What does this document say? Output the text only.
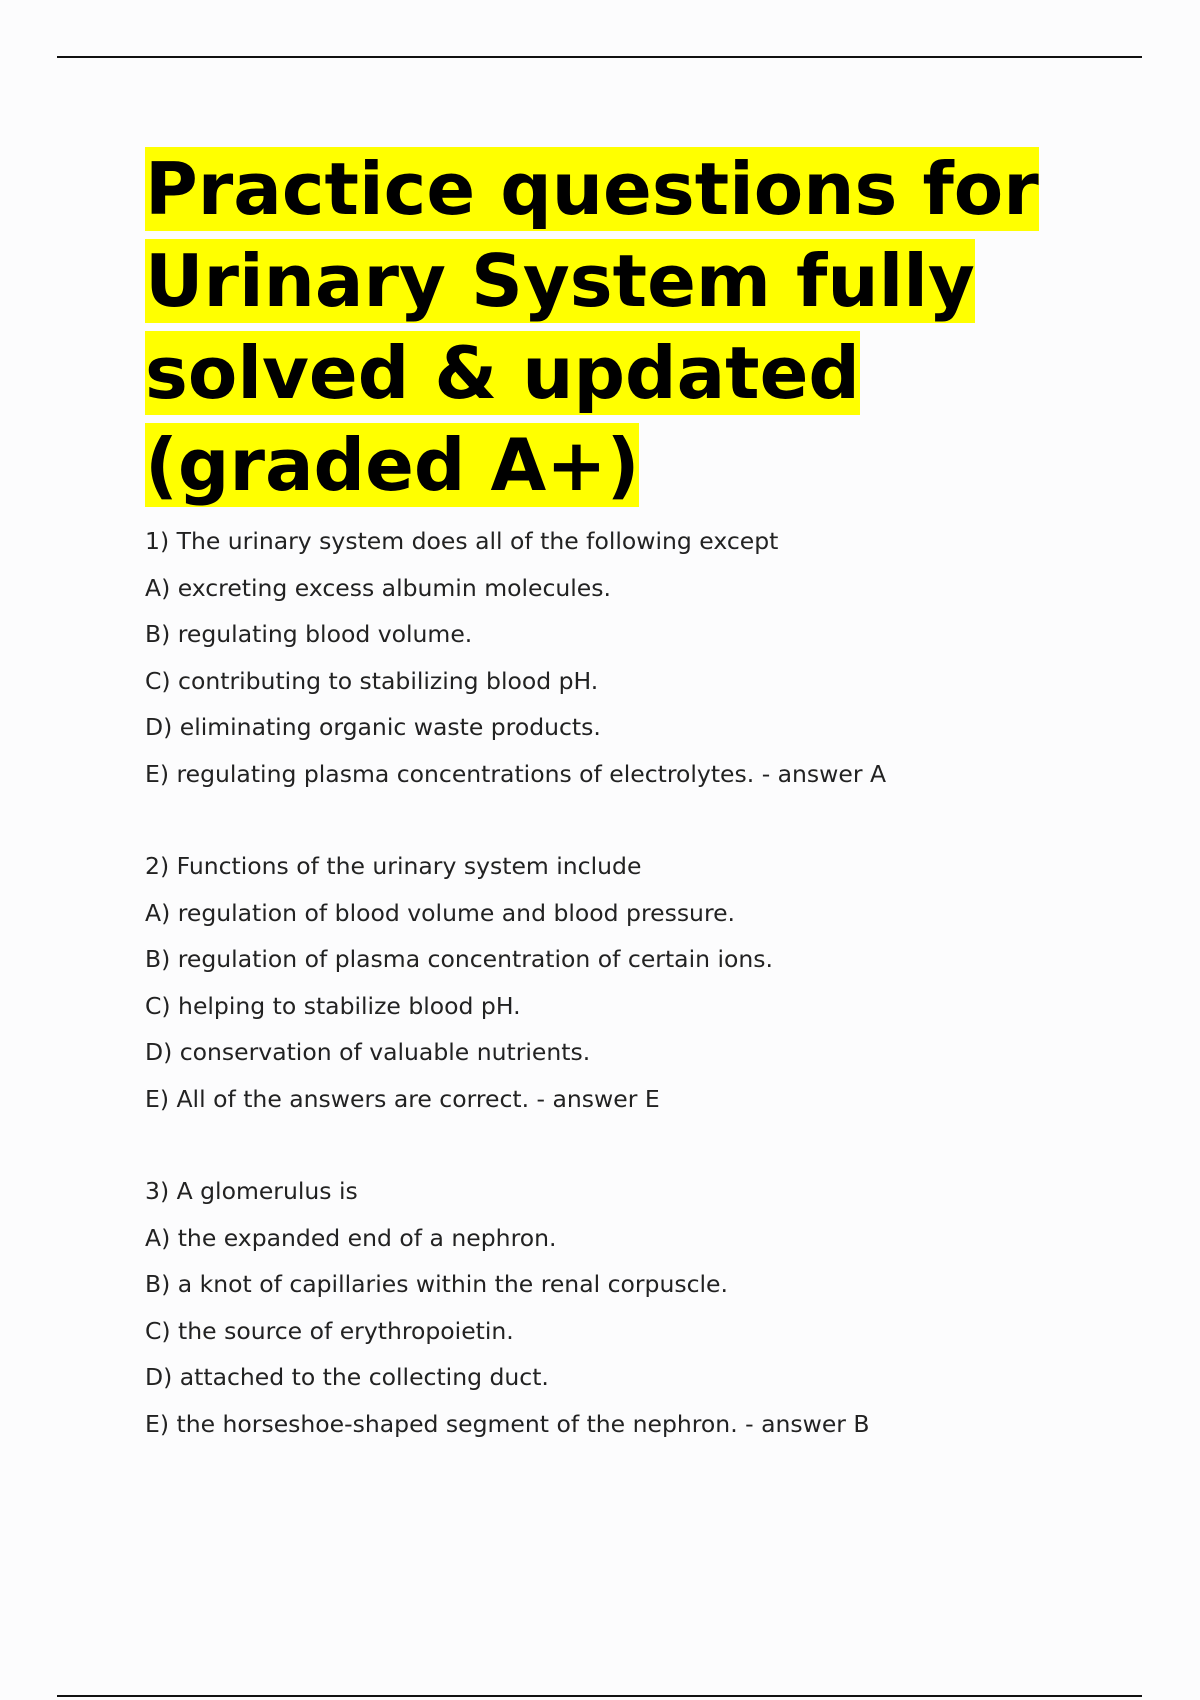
Practice questions for Urinary System fully solved & updated (graded A+)
1) The urinary system does all of the following except
A) excreting excess albumin molecules.
B) regulating blood volume.
C) contributing to stabilizing blood pH.
D) eliminating organic waste products.
E) regulating plasma concentrations of electrolytes. - answer A
2) Functions of the urinary system include
A) regulation of blood volume and blood pressure.
B) regulation of plasma concentration of certain ions.
C) helping to stabilize blood pH.
D) conservation of valuable nutrients.
E) All of the answers are correct. - answer E
3) A glomerulus is
A) the expanded end of a nephron.
B) a knot of capillaries within the renal corpuscle.
C) the source of erythropoietin.
D) attached to the collecting duct.
E) the horseshoe-shaped segment of the nephron. - answer B
